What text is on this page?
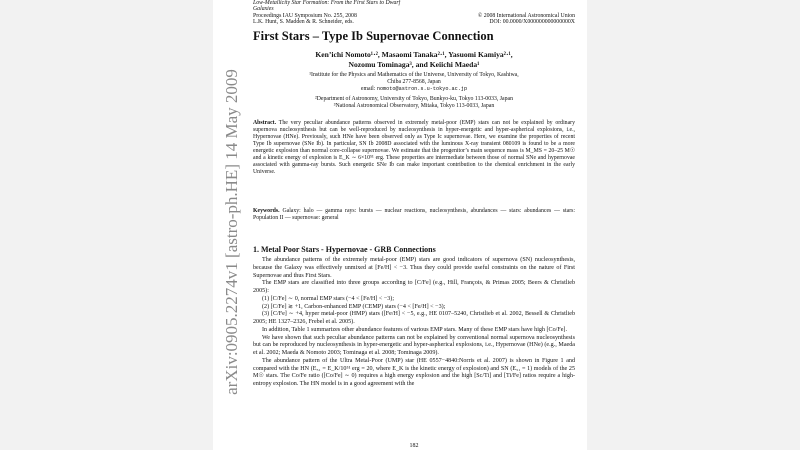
arXiv:0905.2274v1 [astro-ph.HE] 14 May 2009
Low-Metallicity Star Formation: From the First Stars to Dwarf
Galaxies
Proceedings IAU Symposium No. 255, 2008
L.K. Hunt, S. Madden & R. Schneider, eds.
© 2008 International Astronomical Union
DOI: 00.0000/X000000000000000X
First Stars – Type Ib Supernovae Connection
Ken’ichi Nomoto¹·², Masaomi Tanaka²·¹, Yasuomi Kamiya²·¹,
Nozomu Tominaga³, and Keiichi Maeda¹
¹Institute for the Physics and Mathematics of the Universe, University of Tokyo, Kashiwa,
Chiba 277-8568, Japan
email: nomoto@astron.s.u-tokyo.ac.jp
²Department of Astronomy, University of Tokyo, Bunkyo-ku, Tokyo 113-0033, Japan
³National Astronomical Observatory, Mitaka, Tokyo 113-0033, Japan
Abstract. The very peculiar abundance patterns observed in extremely metal-poor (EMP) stars can not be explained by ordinary supernova nucleosynthesis but can be well-reproduced by nucleosynthesis in hyper-energetic and hyper-aspherical explosions, i.e., Hypernovae (HNe). Previously, such HNe have been observed only as Type Ic supernovae. Here, we examine the properties of recent Type Ib supernovae (SNe Ib). In particular, SN Ib 2008D associated with the luminous X-ray transient 080109 is found to be a more energetic explosion than normal core-collapse supernovae. We estimate that the progenitor’s main sequence mass is M_MS = 20–25 M☉ and a kinetic energy of explosion is E_K ∼ 6×10⁵¹ erg. These properties are intermediate between those of normal SNe and hypernovae associated with gamma-ray bursts. Such energetic SNe Ib can make important contribution to the chemical enrichment in the early Universe.
Keywords. Galaxy: halo — gamma rays: bursts — nuclear reactions, nucleosynthesis, abundances — stars: abundances — stars: Population II — supernovae: general
1. Metal Poor Stars - Hypernovae - GRB Connections

The abundance patterns of the extremely metal-poor (EMP) stars are good indicators of supernova (SN) nucleosynthesis, because the Galaxy was effectively unmixed at [Fe/H] < −3. Thus they could provide useful constraints on the nature of First Supernovae and thus First Stars.

The EMP stars are classified into three groups according to [C/Fe] (e.g., Hill, François, & Primas 2005; Beers & Christlieb 2005):

(1) [C/Fe] ∼ 0, normal EMP stars (−4 < [Fe/H] < −3);

(2) [C/Fe] ≳ +1, Carbon-enhanced EMP (CEMP) stars (−4 < [Fe/H] < −3);

(3) [C/Fe] ∼ +4, hyper metal-poor (HMP) stars ([Fe/H] < −5, e.g., HE 0107–5240, Christlieb et al. 2002, Bessell & Christlieb 2005; HE 1327–2326, Frebel et al. 2005).

In addition, Table 1 summarizes other abundance features of various EMP stars. Many of these EMP stars have high [Co/Fe].

We have shown that such peculiar abundance patterns can not be explained by conventional normal supernova nucleosynthesis but can be reproduced by nucleosynthesis in hyper-energetic and hyper-aspherical explosions, i.e., Hypernovae (HNe) (e.g., Maeda et al. 2002; Maeda & Nomoto 2003; Tominaga et al. 2008; Tominaga 2009).

The abundance pattern of the Ultra Metal-Poor (UMP) star (HE 0557−4840:Norris et al. 2007) is shown in Figure 1 and compared with the HN (E₅₁ = E_K/10⁵¹ erg = 20, where E_K is the kinetic energy of explosion) and SN (E₅₁ = 1) models of the 25 M☉ stars. The Co/Fe ratio ([Co/Fe] ∼ 0) requires a high energy explosion and the high [Sc/Ti] and [Ti/Fe] ratios require a high-entropy explosion. The HN model is in a good agreement with the

182
